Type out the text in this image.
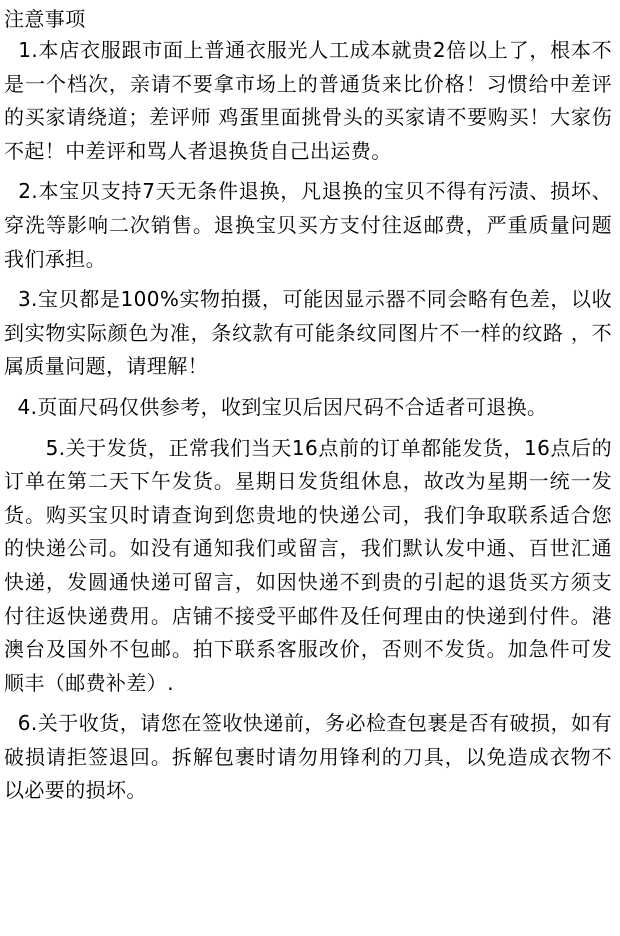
注意事项

1.本店衣服跟市面上普通衣服光人工成本就贵2倍以上了，根本不是一个档次，亲请不要拿市场上的普通货来比价格！习惯给中差评的买家请绕道；差评师 鸡蛋里面挑骨头的买家请不要购买！大家伤不起！中差评和骂人者退换货自己出运费。

2.本宝贝支持7天无条件退换，凡退换的宝贝不得有污渍、损坏、穿洗等影响二次销售。退换宝贝买方支付往返邮费，严重质量问题我们承担。

3.宝贝都是100%实物拍摄，可能因显示器不同会略有色差，以收到实物实际颜色为准，条纹款有可能条纹同图片不一样的纹路 ，不属质量问题，请理解！

4.页面尺码仅供参考，收到宝贝后因尺码不合适者可退换。

5.关于发货，正常我们当天16点前的订单都能发货，16点后的订单在第二天下午发货。星期日发货组休息，故改为星期一统一发货。购买宝贝时请查询到您贵地的快递公司，我们争取联系适合您的快递公司。如没有通知我们或留言，我们默认发中通、百世汇通快递，发圆通快递可留言，如因快递不到贵的引起的退货买方须支付往返快递费用。店铺不接受平邮件及任何理由的快递到付件。港澳台及国外不包邮。拍下联系客服改价，否则不发货。加急件可发顺丰（邮费补差）.

6.关于收货，请您在签收快递前，务必检查包裹是否有破损，如有破损请拒签退回。拆解包裹时请勿用锋利的刀具，以免造成衣物不以必要的损坏。
